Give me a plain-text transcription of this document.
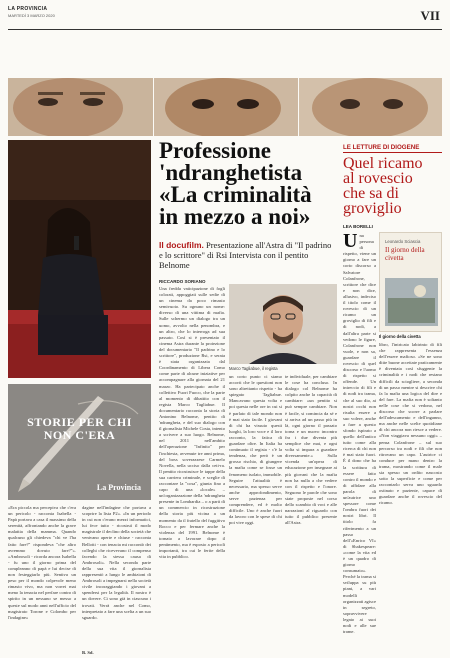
LA PROVINCIA
MARTEDÌ 3 MARZO 2020	VII
«Era piccola ma percepiva che c'era un pericolo - racconta Isabella - Papà portava a casa il massimo della serenità, affrontando anche la grave malattia della mamma. Quando qualcuno gli chiedeva "chi ve l'ha fatto fare?" rispondeva "che altro avremmo dovuto fare?"». «Ambrosoli - ricorda ancora Isabella - fu uno il giorno prima del compleanno di papà e lui decise di non festeggiarlo più. Sentiva un peso per il mondo colpevole meno rimasto vivo, ma non vorrei mai meno la tenacia nel perfare contro di spirito in un nessuno se messo a queste sul modo anni nell'ufficio del magistrato Torone e Colombo per l'indagine»
dagine nell'indagine che portava a scoprire la lista P2». «In un periodo in cui non c'erano mezzi informatici, lui fece tutto - ricostruì il modo magistrale il declino della società che venivano aperte e chiuse - racconta Bellotti - con tenacia mi raccontò dei colleghi che ricevevano il compenso facendo la stessa causa di Ambrosoli». Nella seconda parte della sua vita il giornalista rappresentò a lungo le ambizioni di Ambrosoli a impegnarsi nella società civile incoraggiando i giovani a spendersi per la legalità. Il nostro è un dovere. Ci sono già in ciascuno i trovati. Verrà anche nel Como, interpretato a fare una scelta a un suo sguardo.
B. Sd.
STORIE PER CHI
NON C'ERA
La Provincia
Professione
'ndranghetista
«La criminalità
in mezzo a noi»
Il docufilm. Presentazione all'Astra di "Il padrino e lo scrittore" di Rsi Intervista con il pentito Belnome
RICCARDO SORIANO
Una fredda vaticipazione di fogli colorati, appoggiati sulle sedie di un cinema da poco rimasto semivuoto. Su ognuno un nome: diverso di una vittima di mafia. Sulle schermo un dialogo tra un uomo, avvolto nella penombra, e un altro, che lo interroga ad sua passato. Così si è presentato il cinema Astra durante la proiezione del documentario "Il padrino e lo scrittore", produzione Rsi, e serata è stata organizzata dal Coordinamento di Libera Como come parte di alcune iniziative per accompagnare alla giornata del 21 marzo. Ha partecipato anche il collettivo Fuori Fuoco, che la parte al momento di dibattito con il regista Marco Tagliabue. Il documentario racconta la storia di Antonino Belnome, pentito di 'ndrangheta, e del suo dialogo con il giornalista Michele Costa, intento a scrivere a suo luogo. Belnome, nel 2011 nell'ambito dell'operazione "Infinito" per l'inchiesta, avvenute tre anni prima, del boss soverazzese Carmelo Novella, nella ucciso dalla ceti-ra. Il pentito ricostruisce le tappe della sua carriera criminale, e sceglie di raccontare la "cosa", giunta fino a capo di una «locale» – un'organizzazione della 'ndrangheta presente in Lombardia – o a parti di un commercio in ricostruzione della storia più vicina a un momento da il fratello del fuggitivo Rocco e per fermare anche la violenza del 1991. Belnome è tornato a lavorare dopo il pentimento, ma è esposto a pericoli importanti, tra cui le ferite della vita in pubblico.
un corto punto ci siamo accorti che le questioni non sono altrettanto rispetto - ha spiegato Tagliabue. Mancavano questa volta e poi questa nelle ore in cui si è parlato di tale mondo non è mai stato facile. I giovani di chi ha vissuto questi luoghi, la loro voce e il loro racconto, la fatica di guardare oltre. In Italia ha continuato il regista - c'è la tendenza, che però è un grosso rischio, di giungere la mafia come se fosse un fenomeno isolato, immobile. Seguire l'attualità è necessario, ma spesso serve anche approfondimento, serve pazienza per comprendere, ed è molto difficile. Uno è anche fuori da lavoro con le spese di chi poi vive oggi.
te individuale, per cambiare le cose ha concluso. In dialogo col Belnome ha colpito anche la capacità di cambiare: «un pentito si può sempre cambiare. Non è facile, si comincia da sé e si arriva ad un passo più in là, ogni giorno il passato torna e un nuovo incontro fra i due diventa più semplice che mai, e ogni volta si impara a guardare diversamente.» Sulla vicenda un'opera di educazione per insegnare ai più giovani che la mafia non ha nulla a che vedere con il rispetto e l'onore. Seguono le parole che sono state proposte nel corso dello scambio di voci e alle narrazioni al riguardo con tutto il pubblico presente all'Astra.
Marco Tagliabue, il regista
LE LETTURE DI DIOGENE
Quel ricamo
al rovescio
che sa di groviglio
LEA BORELLI
Una persona di rispetto, viene un giorno a fare un corto discorso a Salvatore Colanfrone, scrittore che dice e non dice, allusivo, indeciso il titolo come il rovescio di un ricamo un groviglio di fili e di nodi, a dall'altra parte si vedono le figure, Colanfrone non vuole, e non sa, guardare il rovescio di quel discorso e l'uomo di rispetto si offende. Un intreccio di fili e di nodi tra trama, che al suo dio, ai nostri occhi non risulta essere a suo volere, anche a fare a questo sfondo ispirato a quello dell'antico tutto come alla ricerca di chi non è mai stato fuori. È il dono che ha la scrittura di essere fatto contro il mondo e di affidare alla parola di un'autrice uno spessore come l'ombra fuori dei nostri libri. Il titolo fa riferimento a un passo dell'«Enrico VI» di Shakespeare: «come la vita ed è un quadro di giorno consumato». Perché la trama si sviluppa su più piani, a vari modelli organizzati agisce in segreto, sopravvivere legato ai suoi nodi e alle sue trame.
libro, l'intricato labirinto di fili che rappresenta l'essenza dell'essere mafioso. «Se ne sono ditte buone accettate praticamente è diventata così sfuggente la criminalità e i nodi che restano difficili da sciogliere, a seconda di un passo mentre si descrive chi fa la mafia una logica del dire e del fare. La mafia non è soltanto nelle cose che si vedono, nel discorso che scorre a parlare dell'adescamento e dell'inganno, ma anche nelle scelte quotidiane di chi ancora non riesce a vedere. «Non viaggiava nessuno oggi» – pensa Colanfrone – sul suo percorso tra nodi e fili che non ritrovano un capo. L'autrice ci conduce per mano dentro la trama, mostrando come il male sia spesso un ordito nascosto sotto la superficie e come per raccontarlo serva uno sguardo ostinato e paziente, capace di guardare anche il rovescio del ricamo.
Leonardo Sciascia
Il giorno della civetta
Il giorno della civetta
